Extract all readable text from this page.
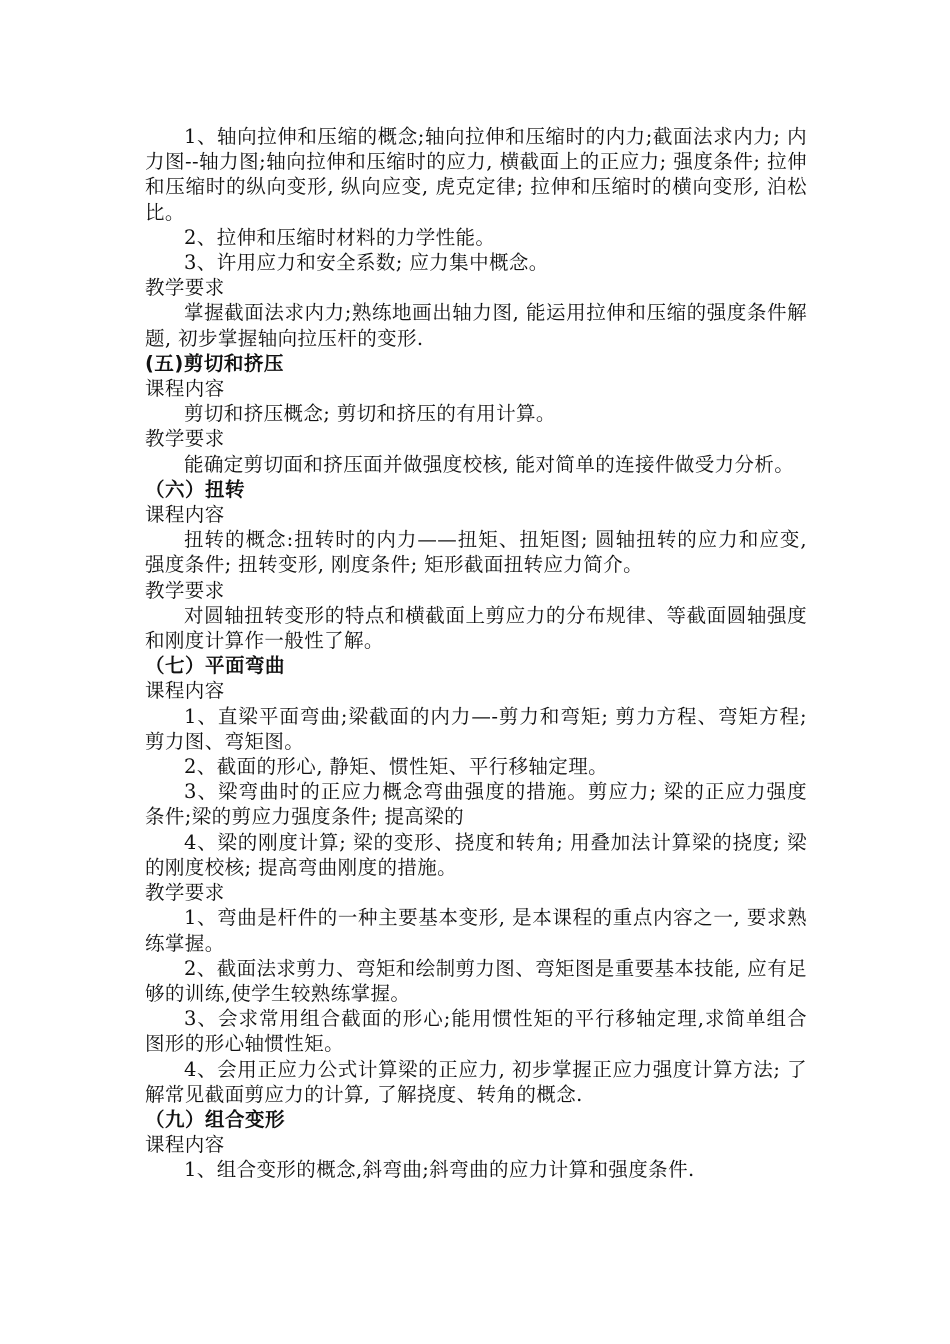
1、轴向拉伸和压缩的概念;轴向拉伸和压缩时的内力;截面法求内力; 内力图--轴力图;轴向拉伸和压缩时的应力, 横截面上的正应力; 强度条件; 拉伸和压缩时的纵向变形, 纵向应变, 虎克定律; 拉伸和压缩时的横向变形, 泊松比。

2、拉伸和压缩时材料的力学性能。

3、许用应力和安全系数; 应力集中概念。

教学要求

掌握截面法求内力;熟练地画出轴力图, 能运用拉伸和压缩的强度条件解题, 初步掌握轴向拉压杆的变形.

(五)剪切和挤压

课程内容

剪切和挤压概念; 剪切和挤压的有用计算。

教学要求

能确定剪切面和挤压面并做强度校核, 能对简单的连接件做受力分析。

（六）扭转

课程内容

扭转的概念:扭转时的内力——扭矩、扭矩图; 圆轴扭转的应力和应变, 强度条件; 扭转变形, 刚度条件; 矩形截面扭转应力简介。

教学要求

对圆轴扭转变形的特点和横截面上剪应力的分布规律、等截面圆轴强度和刚度计算作一般性了解。

（七）平面弯曲

课程内容

1、直梁平面弯曲;梁截面的内力—-剪力和弯矩; 剪力方程、弯矩方程; 剪力图、弯矩图。

2、截面的形心, 静矩、惯性矩、平行移轴定理。

3、梁弯曲时的正应力概念弯曲强度的措施。剪应力; 梁的正应力强度条件;梁的剪应力强度条件; 提高梁的

4、梁的刚度计算; 梁的变形、挠度和转角; 用叠加法计算梁的挠度; 梁的刚度校核; 提高弯曲刚度的措施。

教学要求

1、弯曲是杆件的一种主要基本变形, 是本课程的重点内容之一, 要求熟练掌握。

2、截面法求剪力、弯矩和绘制剪力图、弯矩图是重要基本技能, 应有足够的训练,使学生较熟练掌握。

3、会求常用组合截面的形心;能用惯性矩的平行移轴定理,求简单组合图形的形心轴惯性矩。

4、会用正应力公式计算梁的正应力, 初步掌握正应力强度计算方法; 了解常见截面剪应力的计算, 了解挠度、转角的概念.

（九）组合变形

课程内容

1、组合变形的概念,斜弯曲;斜弯曲的应力计算和强度条件.
